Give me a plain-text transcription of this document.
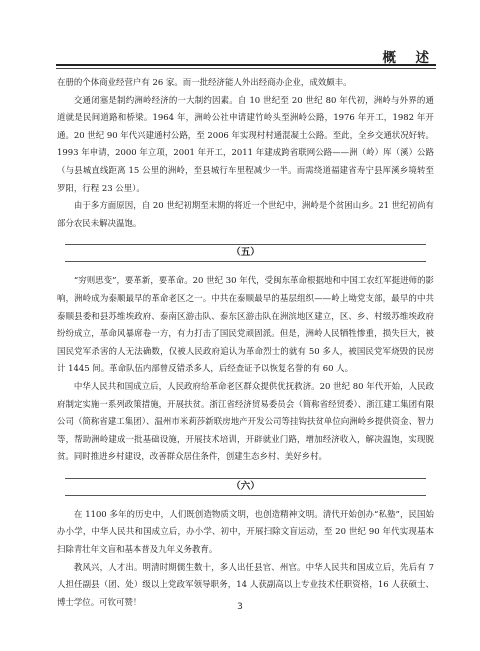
概　述

在册的个体商业经营户有 26 家。而一批经济能人外出经商办企业，成效颇丰。

交通闭塞是制约洲岭经济的一大制约因素。自 10 世纪至 20 世纪 80 年代初，洲岭与外界的通道就是民间道路和桥梁。1964 年，洲岭公社申请建竹岭头至洲岭公路，1976 年开工，1982 年开通。20 世纪 90 年代兴建通村公路，至 2006 年实现村村通混凝土公路。至此，全乡交通状况好转。1993 年申请，2000 年立项，2001 年开工，2011 年建成跨省联网公路——洲（岭）厍（溪）公路（与县城直线距离 15 公里的洲岭，至县城行车里程减少一半。而需绕道福建省寿宁县厍溪乡境转至罗阳，行程 23 公里）。

由于多方面原因，自 20 世纪初期至末期的将近一个世纪中，洲岭是个贫困山乡。21 世纪初尚有部分农民未解决温饱。

（五）

“穷则思变”，要革新，要革命。20 世纪 30 年代，受闽东革命根据地和中国工农红军挺进师的影响，洲岭成为泰顺最早的革命老区之一。中共在泰顺最早的基层组织——岭上坳党支部，最早的中共泰顺县委和县苏维埃政府、泰南区游击队、泰东区游击队在洲滨地区建立，区、乡、村级苏维埃政府纷纷成立，革命风暴席卷一方，有力打击了国民党顽固派。但是，洲岭人民牺牲惨重，损失巨大，被国民党军杀害的人无法确数，仅被人民政府追认为革命烈士的就有 50 多人，被国民党军烧毁的民房计 1445 间。革命队伍内部曾反错杀多人，后经查证予以恢复名誉的有 60 人。

中华人民共和国成立后，人民政府给革命老区群众提供优抚救济。20 世纪 80 年代开始，人民政府制定实施一系列政策措施，开展扶贫。浙江省经济贸易委员会（简称省经贸委）、浙江建工集团有限公司（简称省建工集团）、温州市米莉莎新联房地产开发公司等挂钩扶贫单位向洲岭乡提供资金、智力等，帮助洲岭建成一批基础设施，开展技术培训，开辟就业门路，增加经济收入，解决温饱，实现脱贫。同时推进乡村建设，改善群众居住条件，创建生态乡村、美好乡村。

（六）

在 1100 多年的历史中，人们既创造物质文明，也创造精神文明。清代开始创办“私塾”，民国始办小学，中华人民共和国成立后，办小学、初中，开展扫除文盲运动，至 20 世纪 90 年代实现基本扫除青壮年文盲和基本普及九年义务教育。

教风兴，人才出。明清时期儒生数十，多人出任县官、州官。中华人民共和国成立后，先后有 7 人担任副县（团、处）级以上党政军领导职务，14 人获副高以上专业技术任职资格，16 人获硕士、博士学位。可钦可赞！

3
